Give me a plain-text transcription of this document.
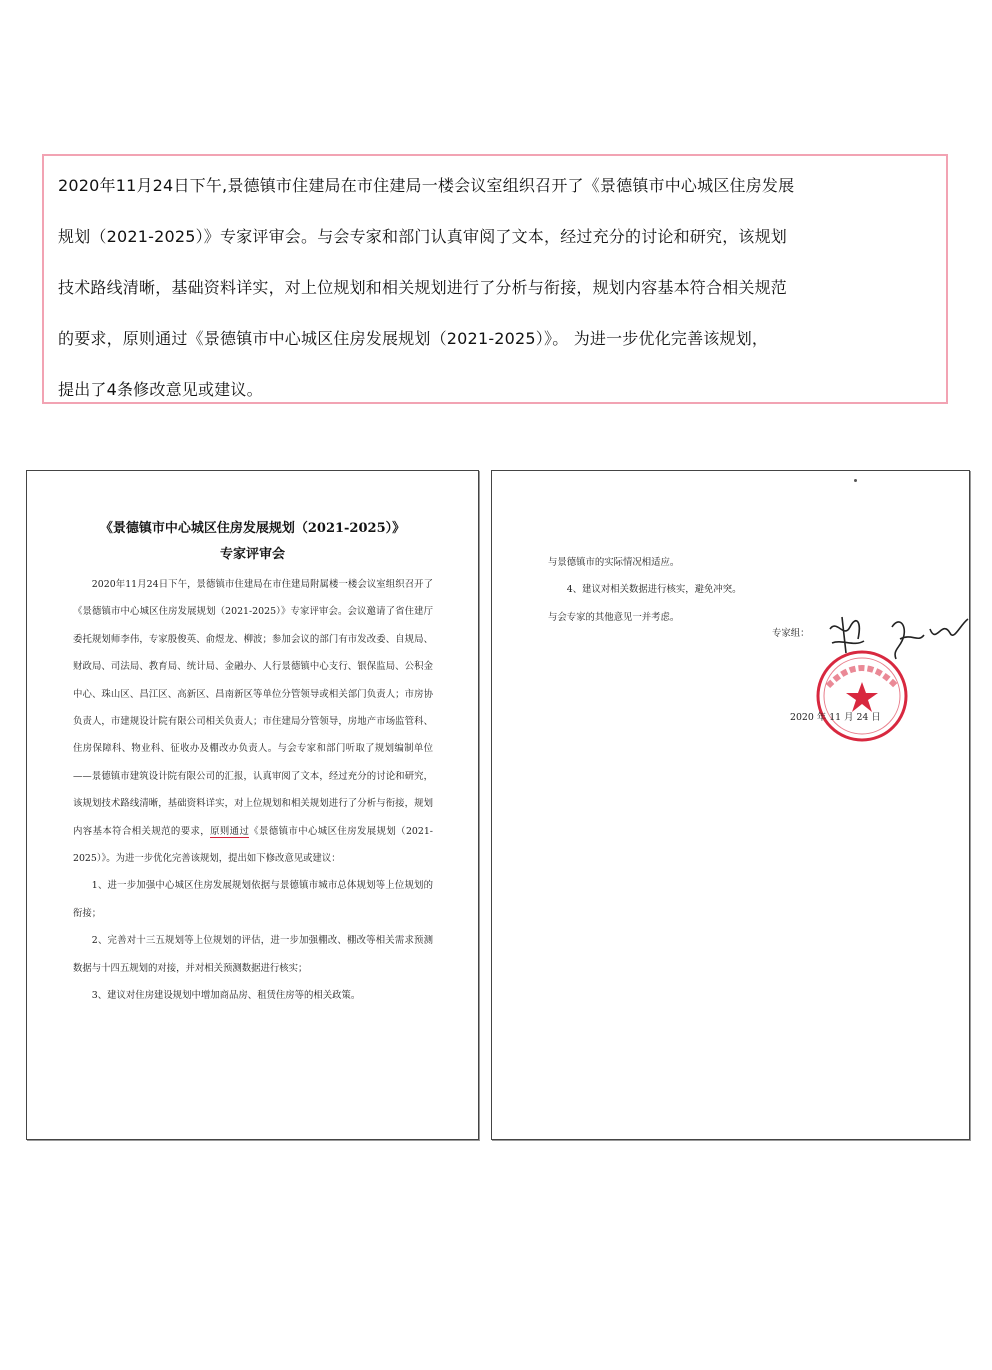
2020年11月24日下午,景德镇市住建局在市住建局一楼会议室组织召开了《景德镇市中心城区住房发展

规划（2021-2025）》专家评审会。与会专家和部门认真审阅了文本，经过充分的讨论和研究，该规划

技术路线清晰，基础资料详实，对上位规划和相关规划进行了分析与衔接，规划内容基本符合相关规范

的要求，原则通过《景德镇市中心城区住房发展规划（2021-2025）》。 为进一步优化完善该规划，

提出了4条修改意见或建议。

《景德镇市中心城区住房发展规划（2021-2025）》
专家评审会

2020年11月24日下午，景德镇市住建局在市住建局附属楼一楼会议室组织召开了《景德镇市中心城区住房发展规划（2021-2025）》专家评审会。会议邀请了省住建厅委托规划师李伟，专家殷俊英、俞煜龙、柳波；参加会议的部门有市发改委、自规局、财政局、司法局、教育局、统计局、金融办、人行景德镇中心支行、银保监局、公积金中心、珠山区、昌江区、高新区、昌南新区等单位分管领导或相关部门负责人；市房协负责人，市建规设计院有限公司相关负责人；市住建局分管领导，房地产市场监管科、住房保障科、物业科、征收办及棚改办负责人。与会专家和部门听取了规划编制单位——景德镇市建筑设计院有限公司的汇报，认真审阅了文本，经过充分的讨论和研究，该规划技术路线清晰，基础资料详实，对上位规划和相关规划进行了分析与衔接，规划内容基本符合相关规范的要求，原则通过《景德镇市中心城区住房发展规划（2021-2025）》。为进一步优化完善该规划，提出如下修改意见或建议：

1、进一步加强中心城区住房发展规划依据与景德镇市城市总体规划等上位规划的衔接；

2、完善对十三五规划等上位规划的评估，进一步加强棚改、棚改等相关需求预测数据与十四五规划的对接，并对相关预测数据进行核实；

3、建议对住房建设规划中增加商品房、租赁住房等的相关政策。

与景德镇市的实际情况相适应。

4、建议对相关数据进行核实，避免冲突。

与会专家的其他意见一并考虑。

专家组：
2020 年 11 月 24 日
